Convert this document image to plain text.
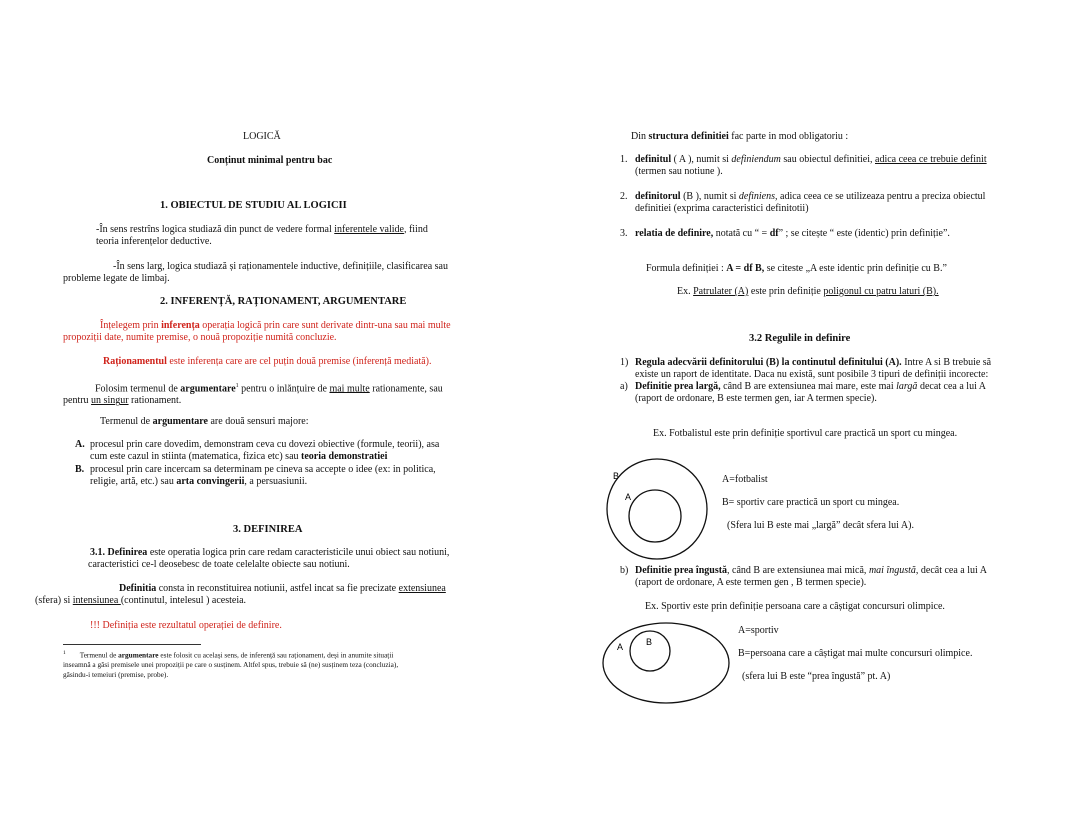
LOGICĂ
Conținut minimal pentru bac
1. OBIECTUL DE STUDIU AL LOGICII
-În sens restrîns logica studiază din punct de vedere formal inferentele valide, fiind
teoria inferențelor deductive.
-În sens larg, logica studiază și raționamentele inductive, definițiile, clasificarea sau
probleme legate de limbaj.
2. INFERENȚĂ, RAȚIONAMENT, ARGUMENTARE
Înțelegem prin inferența operația logică prin care sunt derivate dintr-una sau mai multe
propoziții date, numite premise, o nouă propoziție numită concluzie.
Raționamentul este inferența care are cel puțin două premise (inferență mediată).
Folosim termenul de argumentare$^1$ pentru o inlănțuire de mai multe rationamente, sau
pentru un singur rationament.
Termenul de argumentare are două sensuri majore:
A. procesul prin care dovedim, demonstram ceva cu dovezi obiective (formule, teorii), asa
cum este cazul in stiinta (matematica, fizica etc) sau teoria demonstratiei
B. procesul prin care incercam sa determinam pe cineva sa accepte o idee (ex: in politica,
religie, artă, etc.) sau arta convingerii, a persuasiunii.
3. DEFINIREA
3.1. Definirea este operatia logica prin care redam caracteristicile unui obiect sau notiuni,
caracteristici ce-l deosebesc de toate celelalte obiecte sau notiuni.
Definitia consta in reconstituirea notiunii, astfel incat sa fie precizate extensiunea
(sfera) si intensiunea (continutul, intelesul ) acesteia.
!!! Definiția este rezultatul operației de definire.
$^1$ Termenul de argumentare este folosit cu același sens, de inferență sau raționament, deși in anumite situații
inseamnă a găsi premisele unei propoziții pe care o susținem. Altfel spus, trebuie să (ne) susținem teza (concluzia),
găsindu-i temeiuri (premise, probe).
Din structura definitiei fac parte in mod obligatoriu :
1. definitul ( A ), numit si definiendum sau obiectul definitiei, adica ceea ce trebuie definit
(termen sau notiune ).
2. definitorul (B ), numit si definiens, adica ceea ce se utilizeaza pentru a preciza obiectul
definitiei (exprima caracteristici definitotii)
3. relatia de definire, notată cu “ = df” ; se citește “ este (identic) prin definiție”.
Formula definiției : A = df B, se citeste „A este identic prin definiție cu B.”
Ex. Patrulater (A) este prin definiție poligonul cu patru laturi (B).
3.2 Regulile in definire
1) Regula adecvării definitorului (B) la continutul definitului (A). Intre A si B trebuie să
existe un raport de identitate. Daca nu există, sunt posibile 3 tipuri de definiții incorecte:
a) Definitie prea largă, când B are extensiunea mai mare, este mai largă decat cea a lui A
(raport de ordonare, B este termen gen, iar A termen specie).
Ex. Fotbalistul este prin definiție sportivul care practică un sport cu mingea.
B
A
A=fotbalist
B= sportiv care practică un sport cu mingea.
(Sfera lui B este mai „largă” decât sfera lui A).
b) Definitie prea îngustă, când B are extensiunea mai mică, mai îngustă, decât cea a lui A
(raport de ordonare, A este termen gen , B termen specie).
Ex. Sportiv este prin definiție persoana care a câștigat concursuri olimpice.
A	B
A=sportiv
B=persoana care a câștigat mai multe concursuri olimpice.
(sfera lui B este “prea îngustă” pt. A)
